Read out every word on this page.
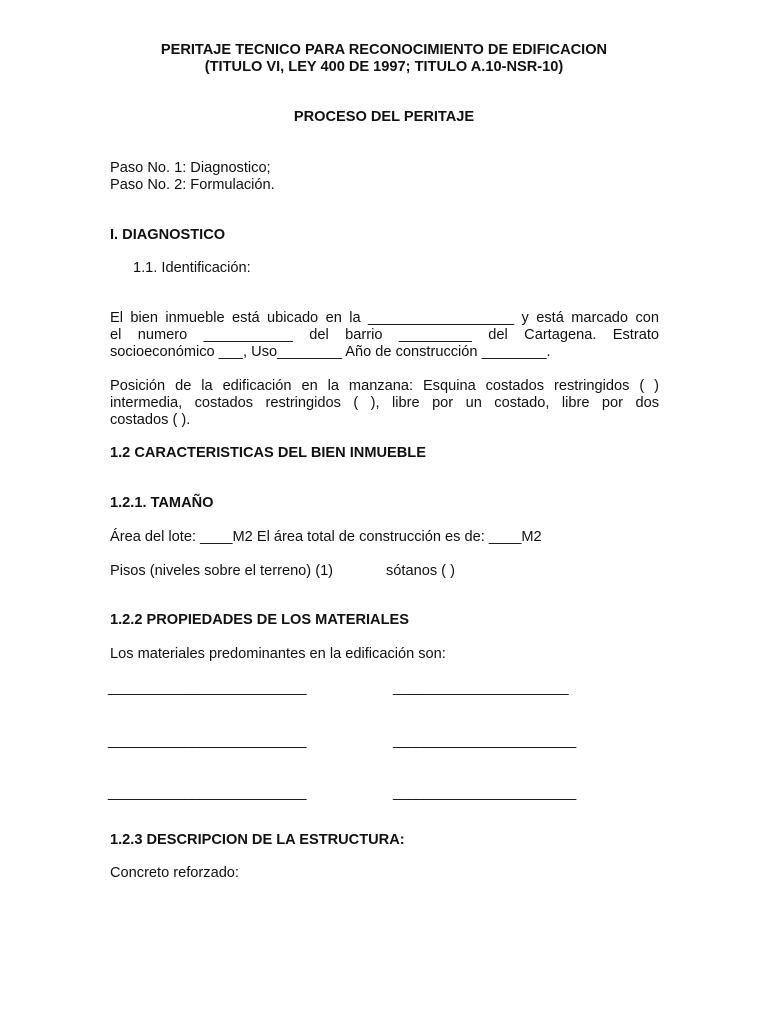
PERITAJE TECNICO PARA RECONOCIMIENTO DE EDIFICACION
(TITULO VI, LEY 400 DE 1997; TITULO A.10-NSR-10)
PROCESO DEL PERITAJE
Paso No. 1: Diagnostico;
Paso No. 2: Formulación.
I. DIAGNOSTICO
1.1. Identificación:
El bien inmueble está ubicado en la __________________ y está marcado con
el numero ___________ del barrio _________ del Cartagena. Estrato
socioeconómico ___, Uso________ Año de construcción ________.
Posición de la edificación en la manzana: Esquina costados restringidos ( )
intermedia, costados restringidos ( ), libre por un costado, libre por dos
costados ( ).
1.2 CARACTERISTICAS DEL BIEN INMUEBLE
1.2.1. TAMAÑO
Área del lote: ____M2 El área total de construcción es de: ____M2
Pisos (niveles sobre el terreno) (1)	sótanos ( )
1.2.2 PROPIEDADES DE LOS MATERIALES
Los materiales predominantes en la edificación son:
__________________________	_______________________
__________________________	________________________
__________________________	________________________
1.2.3 DESCRIPCION DE LA ESTRUCTURA:
Concreto reforzado:
